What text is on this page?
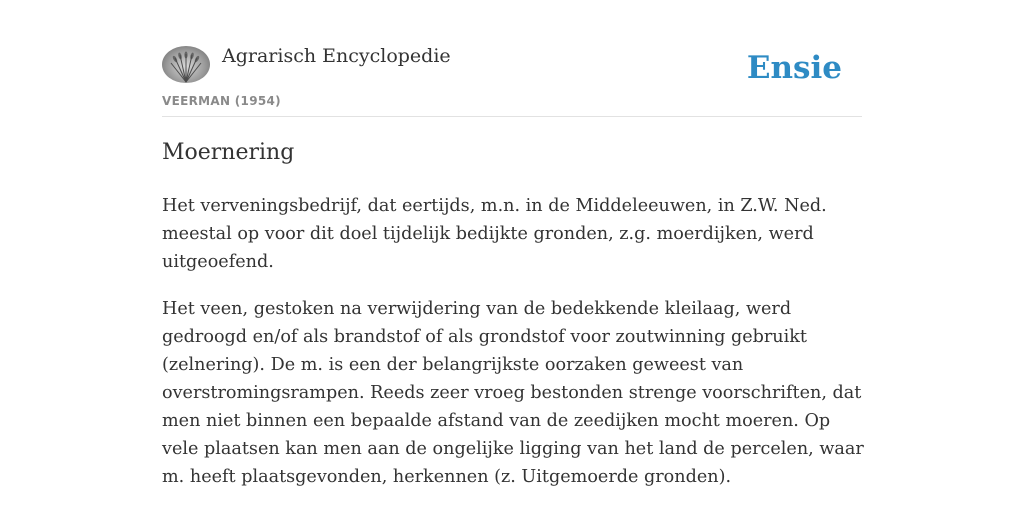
Agrarisch Encyclopedie
VEERMAN (1954)
Ensie
Moernering

Het verveningsbedrijf, dat eertijds, m.n. in de Middeleeuwen, in Z.W. Ned. meestal op voor dit doel tijdelijk bedijkte gronden, z.g. moerdijken, werd uitgeoefend.

Het veen, gestoken na verwijdering van de bedekkende kleilaag, werd gedroogd en/of als brandstof of als grondstof voor zoutwinning gebruikt (zelnering). De m. is een der belangrijkste oorzaken geweest van overstromingsrampen. Reeds zeer vroeg bestonden strenge voorschriften, dat men niet binnen een bepaalde afstand van de zeedijken mocht moeren. Op vele plaatsen kan men aan de ongelijke ligging van het land de percelen, waar m. heeft plaatsgevonden, herkennen (z. Uitgemoerde gronden).
